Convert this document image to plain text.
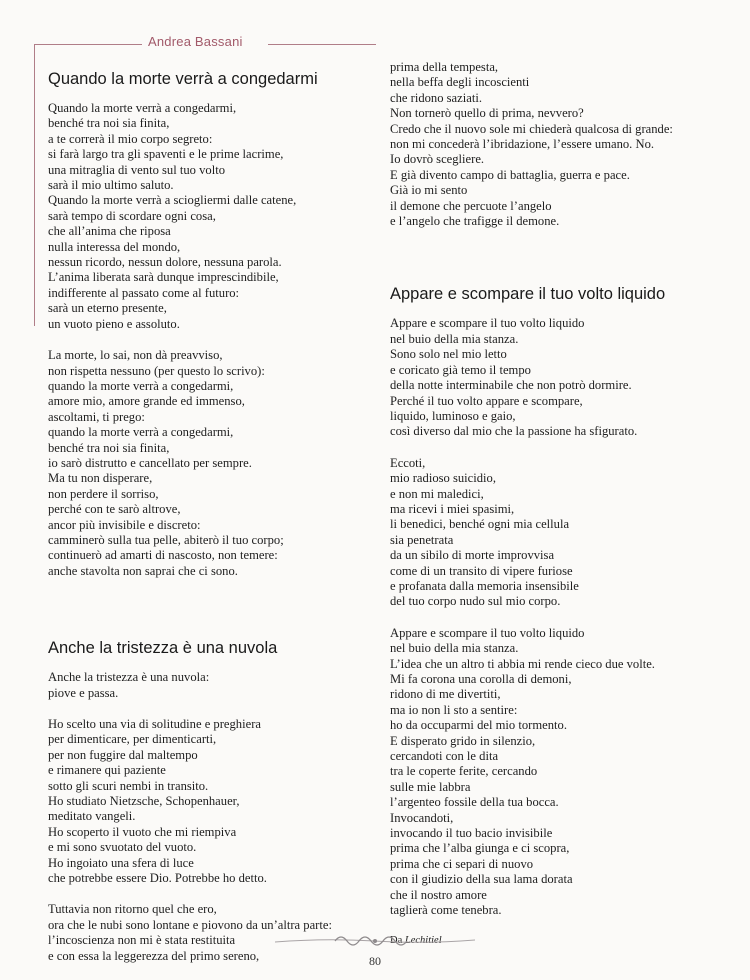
Andrea Bassani
Quando la morte verrà a congedarmi
Quando la morte verrà a congedarmi,
benché tra noi sia finita,
a te correrà il mio corpo segreto:
si farà largo tra gli spaventi e le prime lacrime,
una mitraglia di vento sul tuo volto
sarà il mio ultimo saluto.
Quando la morte verrà a sciogliermi dalle catene,
sarà tempo di scordare ogni cosa,
che all’anima che riposa
nulla interessa del mondo,
nessun ricordo, nessun dolore, nessuna parola.
L’anima liberata sarà dunque imprescindibile,
indifferente al passato come al futuro:
sarà un eterno presente,
un vuoto pieno e assoluto.
La morte, lo sai, non dà preavviso,
non rispetta nessuno (per questo lo scrivo):
quando la morte verrà a congedarmi,
amore mio, amore grande ed immenso,
ascoltami, ti prego:
quando la morte verrà a congedarmi,
benché tra noi sia finita,
io sarò distrutto e cancellato per sempre.
Ma tu non disperare,
non perdere il sorriso,
perché con te sarò altrove,
ancor più invisibile e discreto:
camminerò sulla tua pelle, abiterò il tuo corpo;
continuerò ad amarti di nascosto, non temere:
anche stavolta non saprai che ci sono.
Anche la tristezza è una nuvola
Anche la tristezza è una nuvola:
piove e passa.
Ho scelto una via di solitudine e preghiera
per dimenticare, per dimenticarti,
per non fuggire dal maltempo
e rimanere qui paziente
sotto gli scuri nembi in transito.
Ho studiato Nietzsche, Schopenhauer,
meditato vangeli.
Ho scoperto il vuoto che mi riempiva
e mi sono svuotato del vuoto.
Ho ingoiato una sfera di luce
che potrebbe essere Dio. Potrebbe ho detto.
Tuttavia non ritorno quel che ero,
ora che le nubi sono lontane e piovono da un’altra parte:
l’incoscienza non mi è stata restituita
e con essa la leggerezza del primo sereno,
prima della tempesta,
nella beffa degli incoscienti
che ridono saziati.
Non tornerò quello di prima, nevvero?
Credo che il nuovo sole mi chiederà qualcosa di grande:
non mi concederà l’ibridazione, l’essere umano. No.
Io dovrò scegliere.
E già divento campo di battaglia, guerra e pace.
Già io mi sento
il demone che percuote l’angelo
e l’angelo che trafigge il demone.
Appare e scompare il tuo volto liquido
Appare e scompare il tuo volto liquido
nel buio della mia stanza.
Sono solo nel mio letto
e coricato già temo il tempo
della notte interminabile che non potrò dormire.
Perché il tuo volto appare e scompare,
liquido, luminoso e gaio,
così diverso dal mio che la passione ha sfigurato.
Eccoti,
mio radioso suicidio,
e non mi maledici,
ma ricevi i miei spasimi,
li benedici, benché ogni mia cellula
sia penetrata
da un sibilo di morte improvvisa
come di un transito di vipere furiose
e profanata dalla memoria insensibile
del tuo corpo nudo sul mio corpo.
Appare e scompare il tuo volto liquido
nel buio della mia stanza.
L’idea che un altro ti abbia mi rende cieco due volte.
Mi fa corona una corolla di demoni,
ridono di me divertiti,
ma io non li sto a sentire:
ho da occuparmi del mio tormento.
E disperato grido in silenzio,
cercandoti con le dita
tra le coperte ferite, cercando
sulle mie labbra
l’argenteo fossile della tua bocca.
Invocandoti,
invocando il tuo bacio invisibile
prima che l’alba giunga e ci scopra,
prima che ci separi di nuovo
con il giudizio della sua lama dorata
che il nostro amore
taglierà come tenebra.
Da Lechitiel
80
